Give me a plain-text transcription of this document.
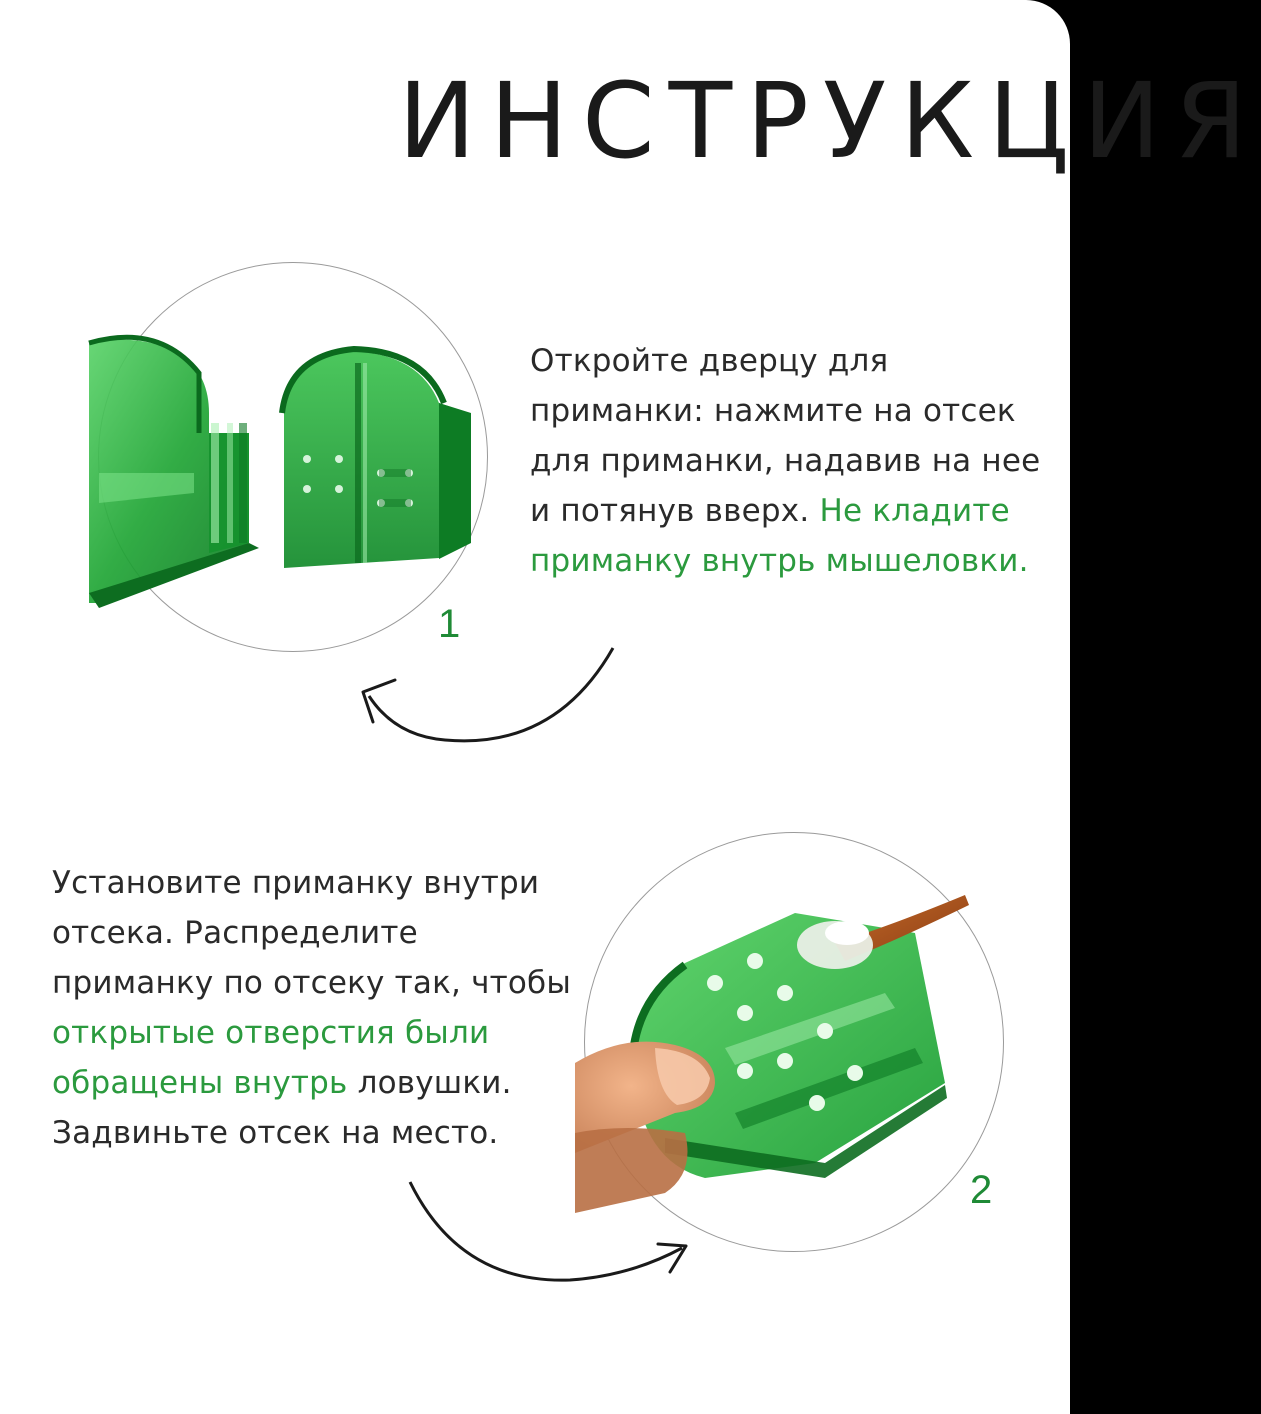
ИНСТРУКЦИЯ
1
Откройте дверцу для приманки: нажмите на отсек для приманки, надавив на нее и потянув вверх. Не кладите приманку внутрь мышеловки.
Установите приманку внутри отсека. Распределите приманку по отсеку так, чтобы открытые отверстия были обращены внутрь ловушки. Задвиньте отсек на место.
2
